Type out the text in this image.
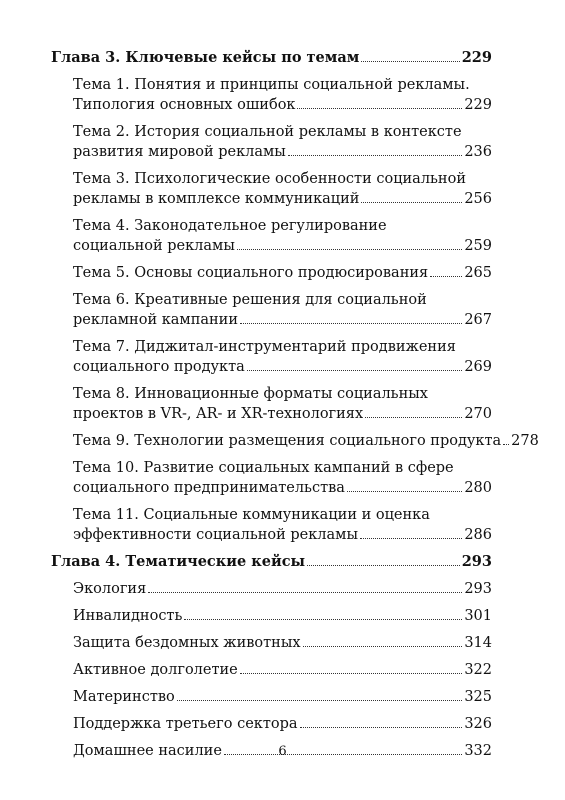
Глава 3. Ключевые кейсы по темам	229
Тема 1. Понятия и принципы социальной рекламы.
Типология основных ошибок	229
Тема 2. История социальной рекламы в контексте
развития мировой рекламы	236
Тема 3. Психологические особенности социальной
рекламы в комплексе коммуникаций	256
Тема 4. Законодательное регулирование
социальной рекламы	259
Тема 5. Основы социального продюсирования 265
Тема 6. Креативные решения для социальной
рекламной кампании	267
Тема 7. Диджитал-инструментарий продвижения
социального продукта	269
Тема 8. Инновационные форматы социальных
проектов в VR-, AR- и XR-технологиях	270
Тема 9. Технологии размещения социального продукта 278
Тема 10. Развитие социальных кампаний в сфере
социального предпринимательства	280
Тема 11. Социальные коммуникации и оценка
эффективности социальной рекламы	286
Глава 4. Тематические кейсы	293
Экология	293
Инвалидность	301
Защита бездомных животных	314
Активное долголетие	322
Материнство	325
Поддержка третьего сектора	326
Домашнее насилие	332
6
